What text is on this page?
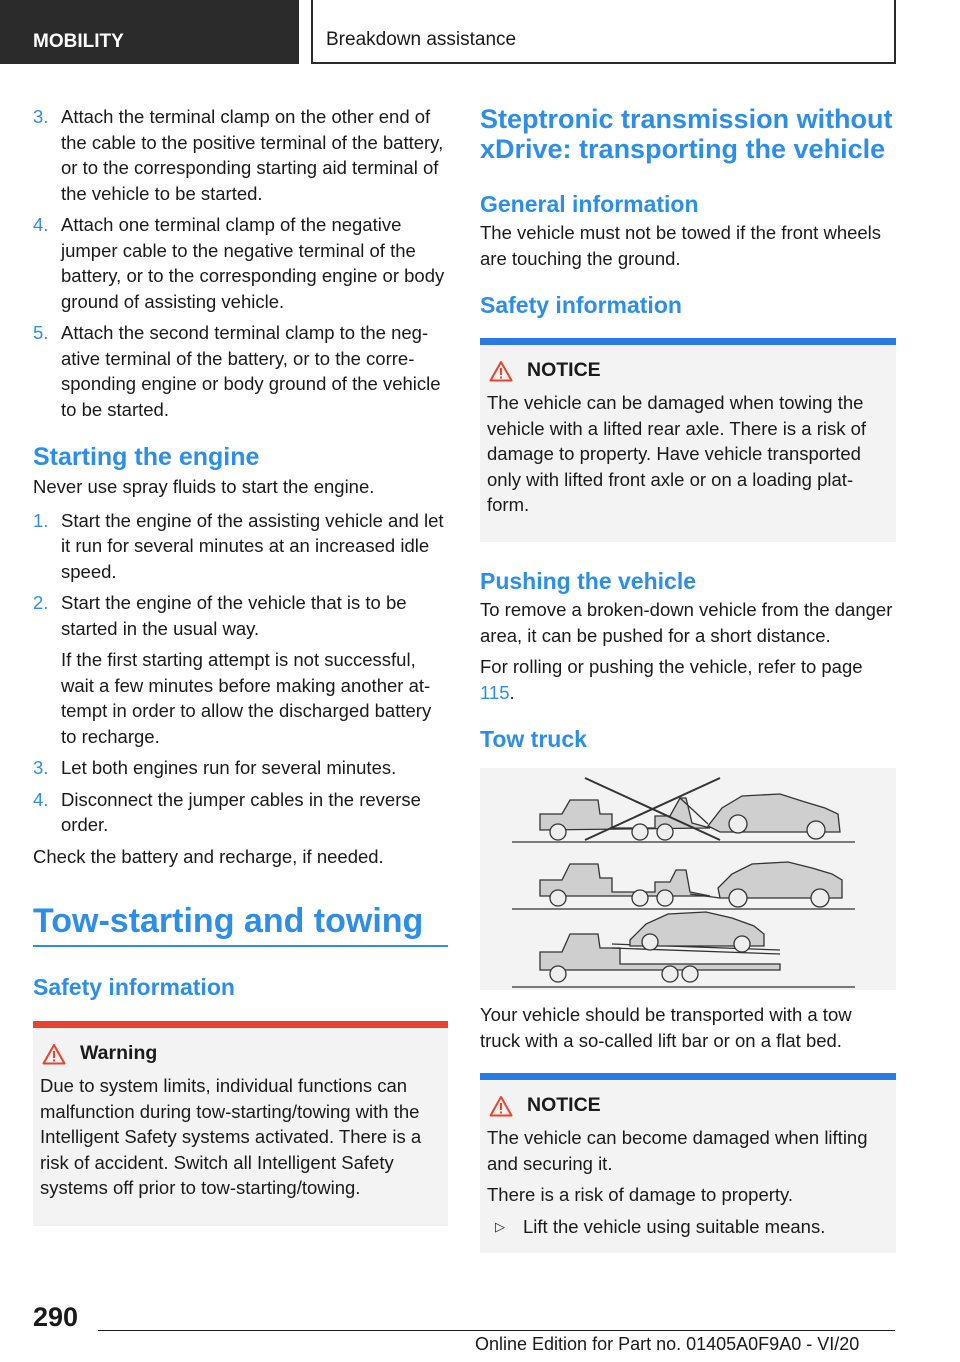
MOBILITY	Breakdown assistance
3. Attach the terminal clamp on the other end of the cable to the positive terminal of the battery, or to the corresponding starting aid terminal of the vehicle to be started.
4. Attach one terminal clamp of the negative jumper cable to the negative terminal of the battery, or to the corresponding engine or body ground of assisting vehicle.
5. Attach the second terminal clamp to the negative terminal of the battery, or to the corresponding engine or body ground of the vehicle to be started.
Starting the engine
Never use spray fluids to start the engine.
1. Start the engine of the assisting vehicle and let it run for several minutes at an increased idle speed.
2. Start the engine of the vehicle that is to be started in the usual way.
If the first starting attempt is not successful, wait a few minutes before making another attempt in order to allow the discharged battery to recharge.
3. Let both engines run for several minutes.
4. Disconnect the jumper cables in the reverse order.
Check the battery and recharge, if needed.
Tow-starting and towing
Safety information
Warning
Due to system limits, individual functions can malfunction during tow-starting/towing with the Intelligent Safety systems activated. There is a risk of accident. Switch all Intelligent Safety systems off prior to tow-starting/towing.
Steptronic transmission without xDrive: transporting the vehicle
General information
The vehicle must not be towed if the front wheels are touching the ground.
Safety information
NOTICE
The vehicle can be damaged when towing the vehicle with a lifted rear axle. There is a risk of damage to property. Have vehicle transported only with lifted front axle or on a loading platform.
Pushing the vehicle
To remove a broken-down vehicle from the danger area, it can be pushed for a short distance.
For rolling or pushing the vehicle, refer to page 115.
Tow truck
Your vehicle should be transported with a tow truck with a so-called lift bar or on a flat bed.
NOTICE
The vehicle can become damaged when lifting and securing it.
There is a risk of damage to property.
▷ Lift the vehicle using suitable means.
290
Online Edition for Part no. 01405A0F9A0 - VI/20
